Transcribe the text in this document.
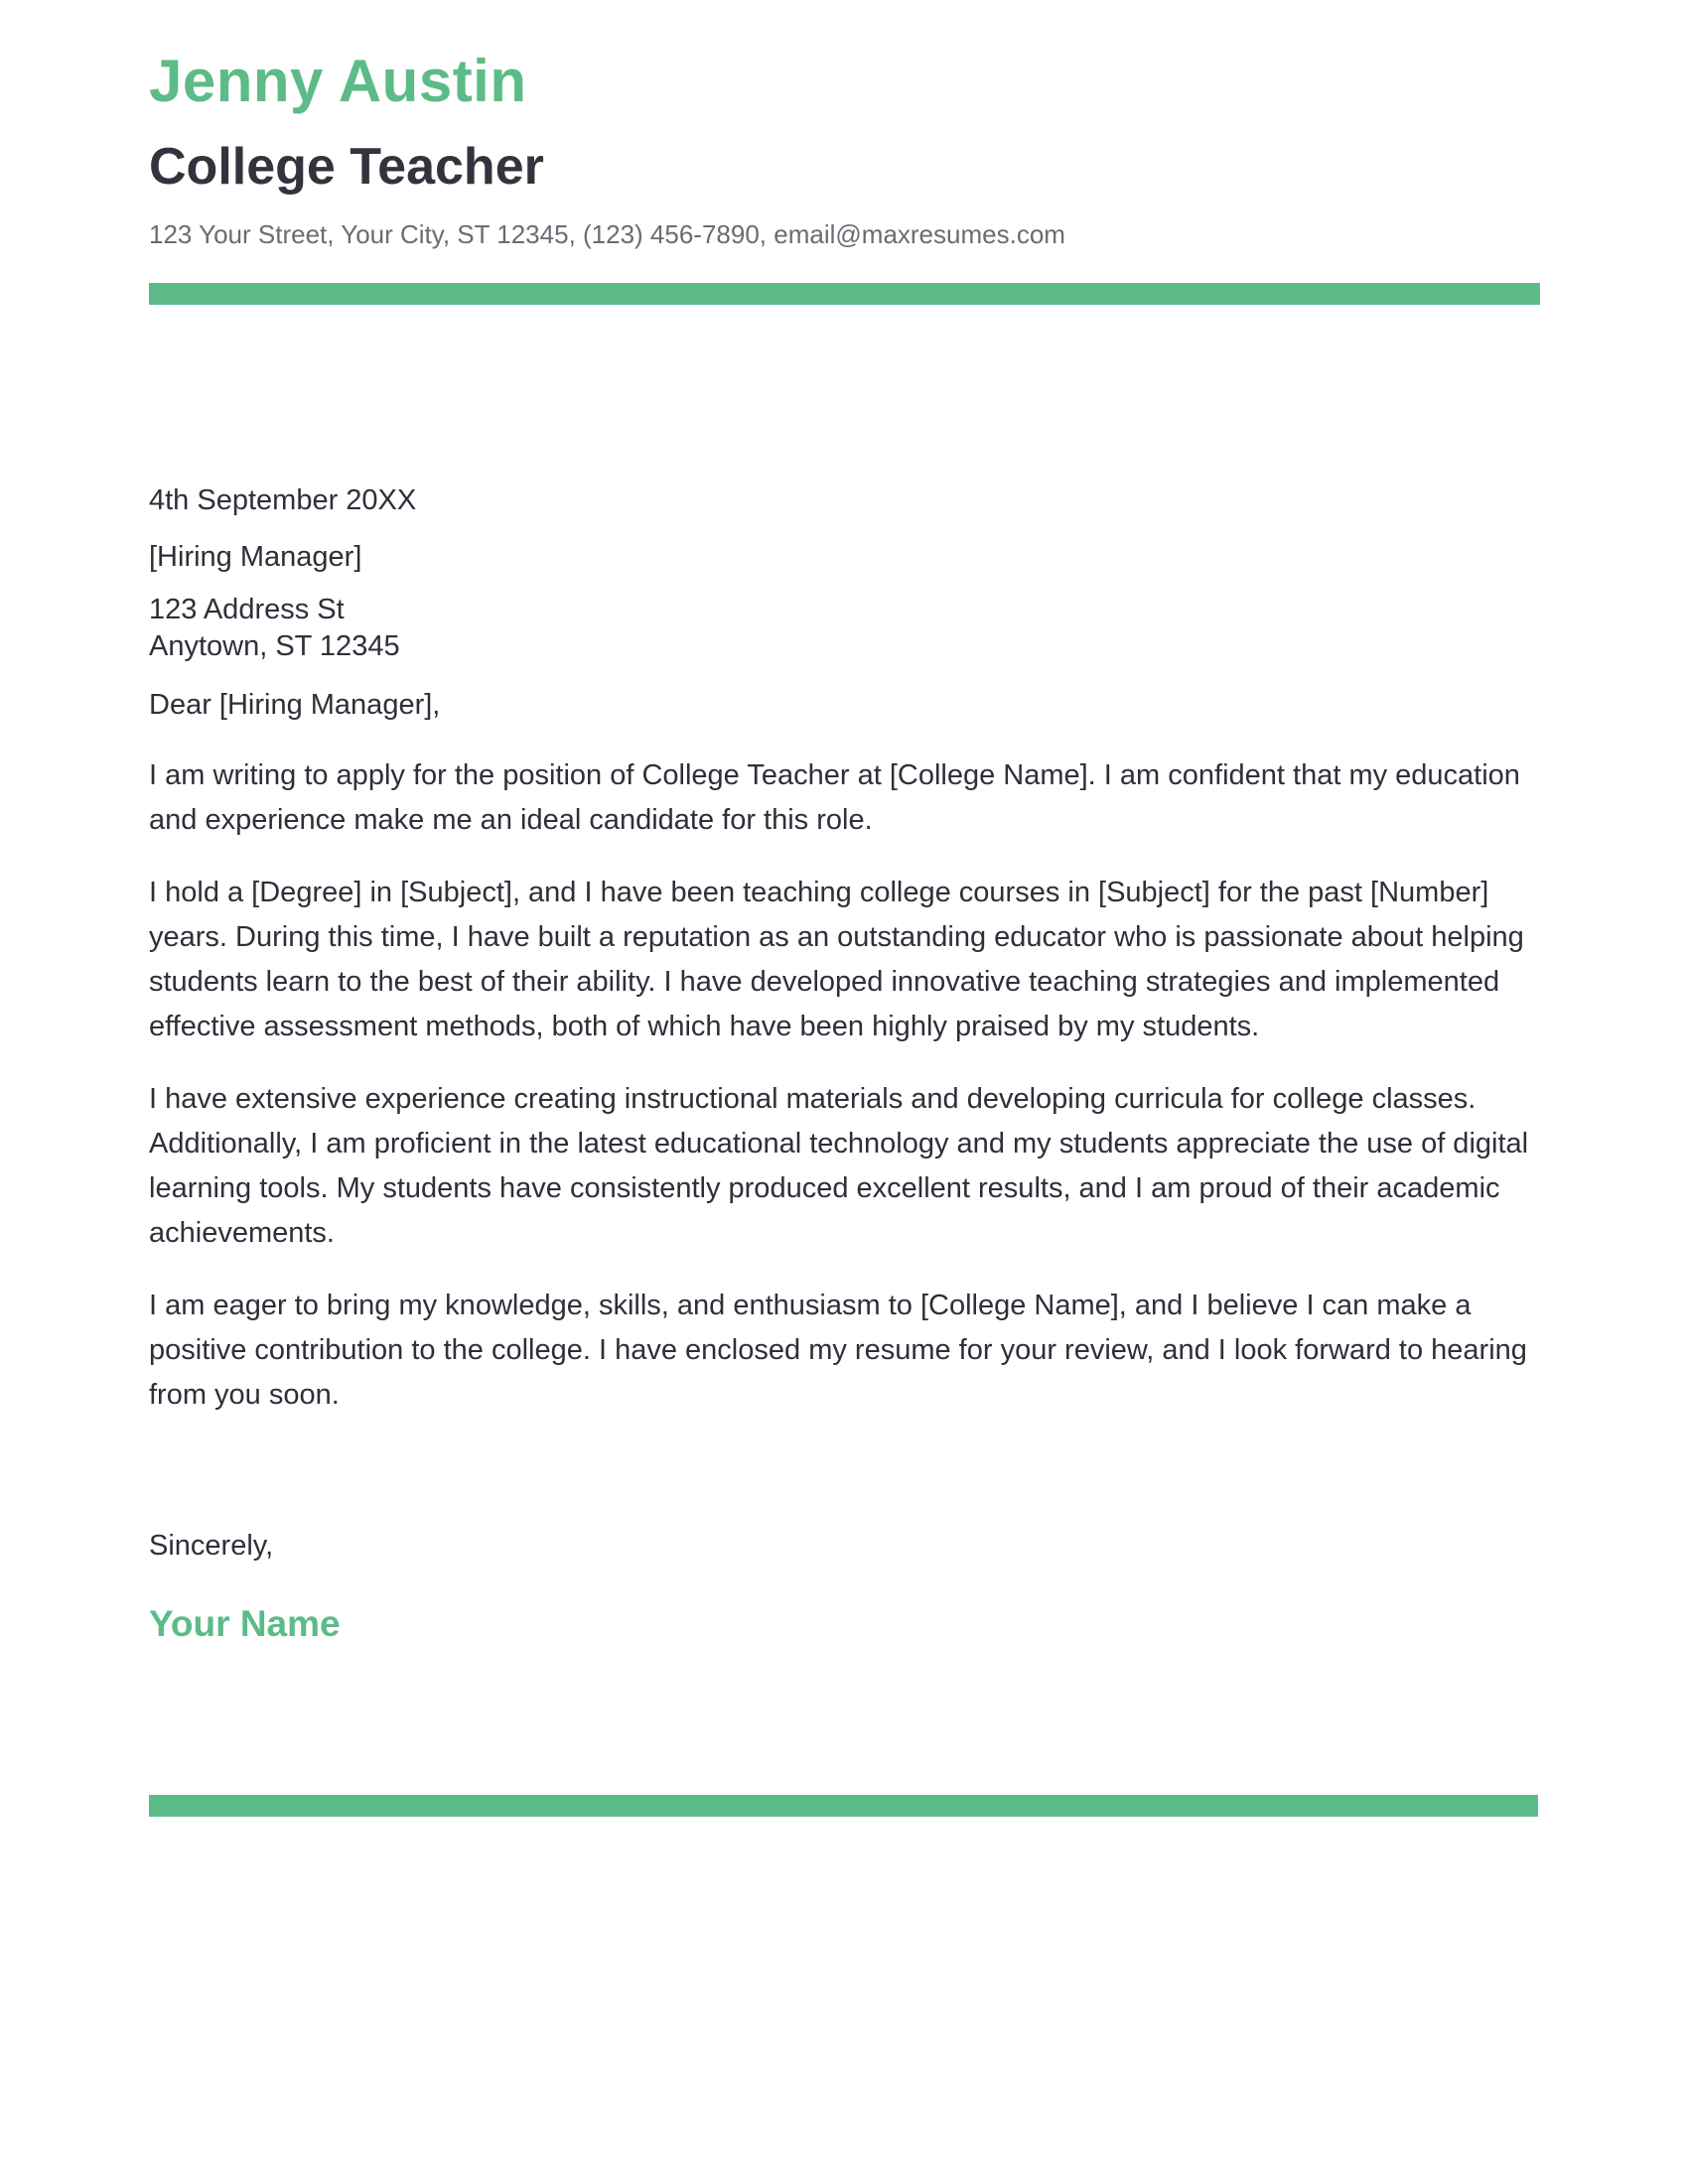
Jenny Austin
College Teacher

123 Your Street, Your City, ST 12345, (123) 456-7890, email@maxresumes.com

4th September 20XX

[Hiring Manager]

123 Address St

Anytown, ST 12345

Dear [Hiring Manager],

I am writing to apply for the position of College Teacher at [College Name]. I am confident that my education and experience make me an ideal candidate for this role.

I hold a [Degree] in [Subject], and I have been teaching college courses in [Subject] for the past [Number] years. During this time, I have built a reputation as an outstanding educator who is passionate about helping students learn to the best of their ability. I have developed innovative teaching strategies and implemented effective assessment methods, both of which have been highly praised by my students.

I have extensive experience creating instructional materials and developing curricula for college classes. Additionally, I am proficient in the latest educational technology and my students appreciate the use of digital learning tools. My students have consistently produced excellent results, and I am proud of their academic achievements.

I am eager to bring my knowledge, skills, and enthusiasm to [College Name], and I believe I can make a positive contribution to the college. I have enclosed my resume for your review, and I look forward to hearing from you soon.

Sincerely,

Your Name
